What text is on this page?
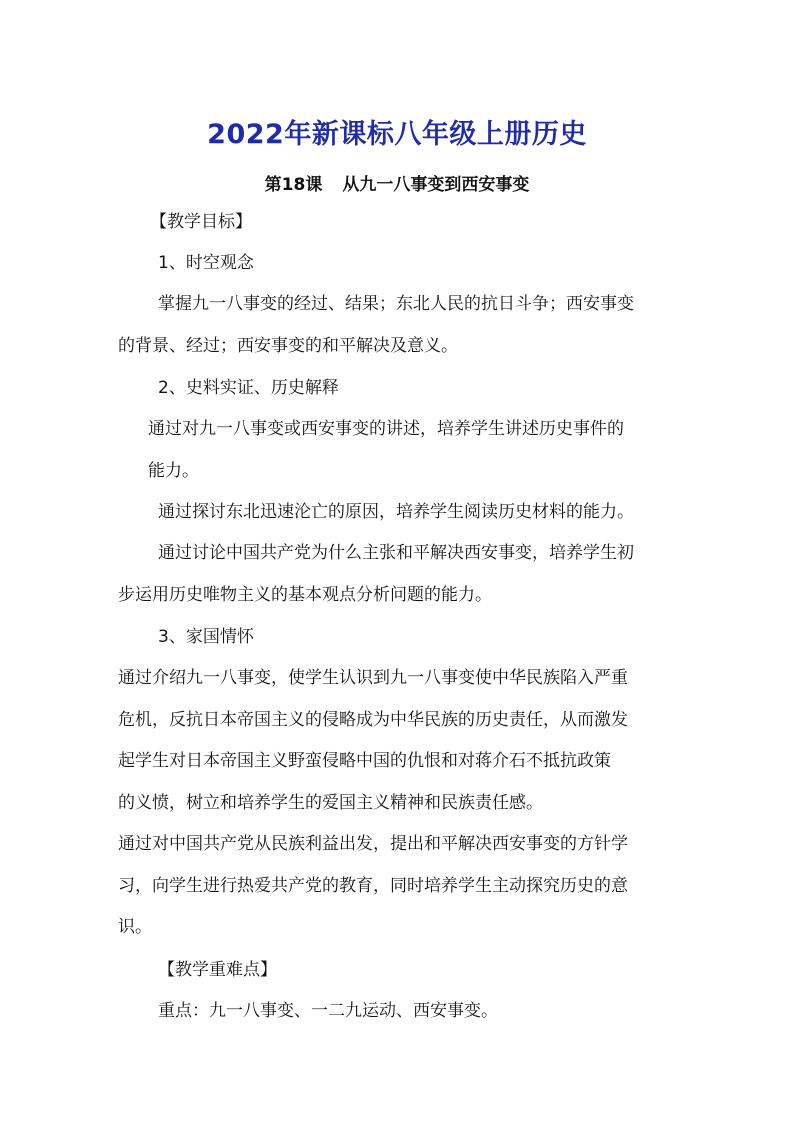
2022年新课标八年级上册历史
第18课 从九一八事变到西安事变
【教学目标】
1、时空观念
掌握九一八事变的经过、结果；东北人民的抗日斗争；西安事变
的背景、经过；西安事变的和平解决及意义。
2、史料实证、历史解释
通过对九一八事变或西安事变的讲述，培养学生讲述历史事件的
能力。
通过探讨东北迅速沦亡的原因，培养学生阅读历史材料的能力。
通过讨论中国共产党为什么主张和平解决西安事变，培养学生初
步运用历史唯物主义的基本观点分析问题的能力。
3、家国情怀
通过介绍九一八事变，使学生认识到九一八事变使中华民族陷入严重
危机，反抗日本帝国主义的侵略成为中华民族的历史责任，从而激发
起学生对日本帝国主义野蛮侵略中国的仇恨和对蒋介石不抵抗政策
的义愤，树立和培养学生的爱国主义精神和民族责任感。
通过对中国共产党从民族利益出发，提出和平解决西安事变的方针学
习，向学生进行热爱共产党的教育，同时培养学生主动探究历史的意
识。
【教学重难点】
重点：九一八事变、一二九运动、西安事变。
